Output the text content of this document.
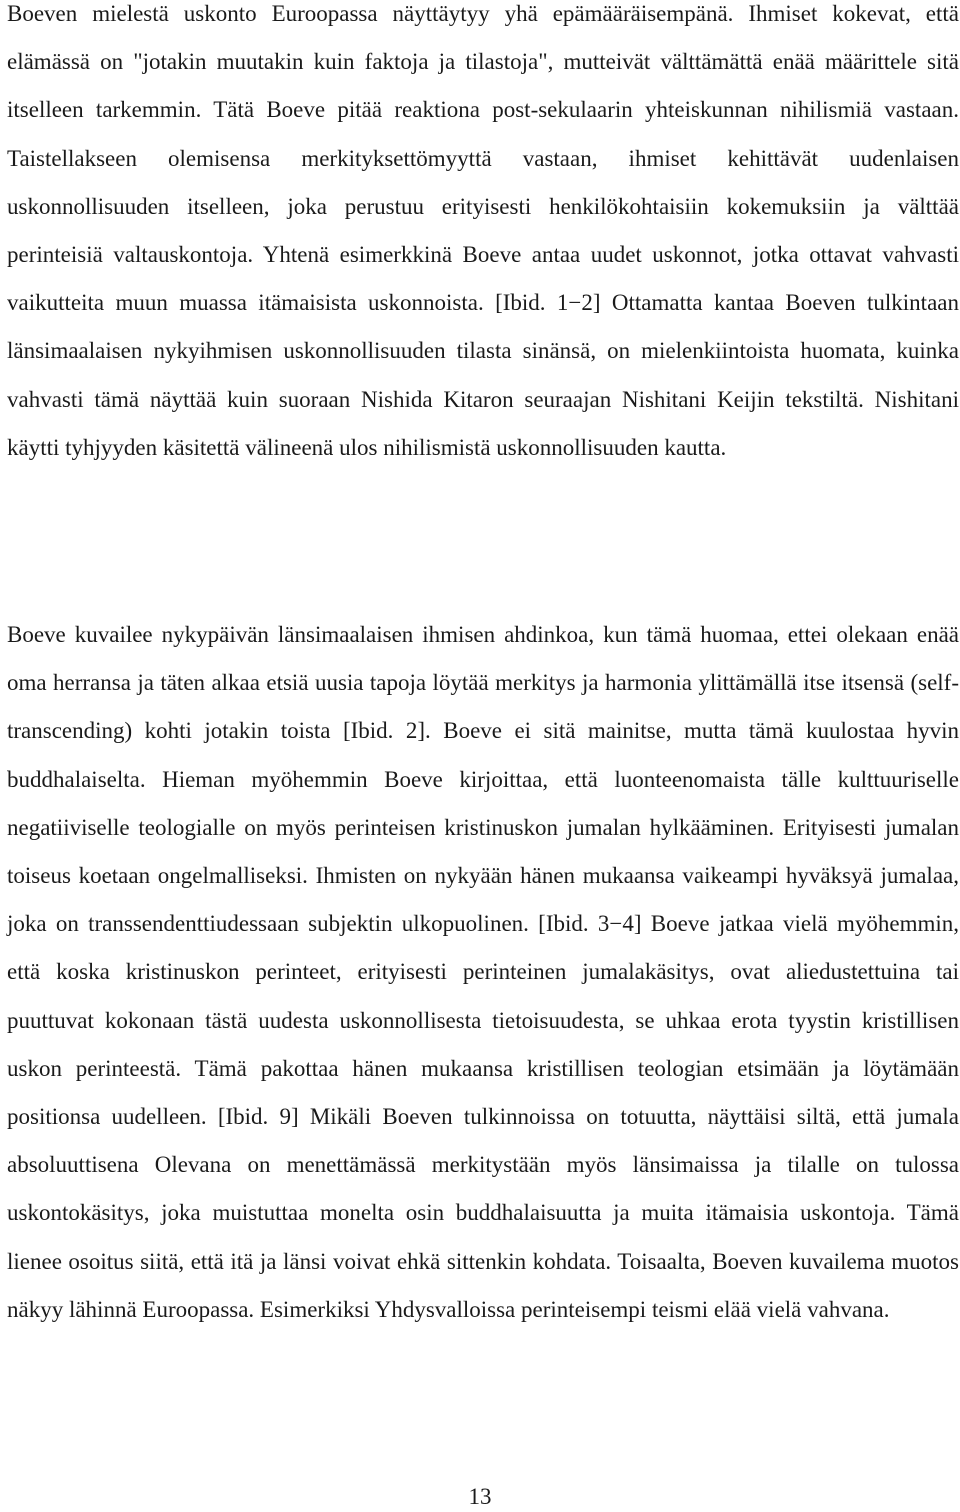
Boeven mielestä uskonto Euroopassa näyttäytyy yhä epämääräisempänä. Ihmiset kokevat, että elämässä on "jotakin muutakin kuin faktoja ja tilastoja", mutteivät välttämättä enää määrittele sitä itselleen tarkemmin. Tätä Boeve pitää reaktiona post-sekulaarin yhteiskunnan nihilismiä vastaan. Taistellakseen olemisensa merkityksettömyyttä vastaan, ihmiset kehittävät uudenlaisen uskonnollisuuden itselleen, joka perustuu erityisesti henkilökohtaisiin kokemuksiin ja välttää perinteisiä valtauskontoja. Yhtenä esimerkkinä Boeve antaa uudet uskonnot, jotka ottavat vahvasti vaikutteita muun muassa itämaisista uskonnoista. [Ibid. 1−2] Ottamatta kantaa Boeven tulkintaan länsimaalaisen nykyihmisen uskonnollisuuden tilasta sinänsä, on mielenkiintoista huomata, kuinka vahvasti tämä näyttää kuin suoraan Nishida Kitaron seuraajan Nishitani Keijin tekstiltä. Nishitani käytti tyhjyyden käsitettä välineenä ulos nihilismistä uskonnollisuuden kautta.

Boeve kuvailee nykypäivän länsimaalaisen ihmisen ahdinkoa, kun tämä huomaa, ettei olekaan enää oma herransa ja täten alkaa etsiä uusia tapoja löytää merkitys ja harmonia ylittämällä itse itsensä (self-transcending) kohti jotakin toista [Ibid. 2]. Boeve ei sitä mainitse, mutta tämä kuulostaa hyvin buddhalaiselta. Hieman myöhemmin Boeve kirjoittaa, että luonteenomaista tälle kulttuuriselle negatiiviselle teologialle on myös perinteisen kristinuskon jumalan hylkääminen. Erityisesti jumalan toiseus koetaan ongelmalliseksi. Ihmisten on nykyään hänen mukaansa vaikeampi hyväksyä jumalaa, joka on transsendenttiudessaan subjektin ulkopuolinen. [Ibid. 3−4] Boeve jatkaa vielä myöhemmin, että koska kristinuskon perinteet, erityisesti perinteinen jumalakäsitys, ovat aliedustettuina tai puuttuvat kokonaan tästä uudesta uskonnollisesta tietoisuudesta, se uhkaa erota tyystin kristillisen uskon perinteestä. Tämä pakottaa hänen mukaansa kristillisen teologian etsimään ja löytämään positionsa uudelleen. [Ibid. 9] Mikäli Boeven tulkinnoissa on totuutta, näyttäisi siltä, että jumala absoluuttisena Olevana on menettämässä merkitystään myös länsimaissa ja tilalle on tulossa uskontokäsitys, joka muistuttaa monelta osin buddhalaisuutta ja muita itämaisia uskontoja. Tämä lienee osoitus siitä, että itä ja länsi voivat ehkä sittenkin kohdata. Toisaalta, Boeven kuvailema muotos näkyy lähinnä Euroopassa. Esimerkiksi Yhdysvalloissa perinteisempi teismi elää vielä vahvana.

13
